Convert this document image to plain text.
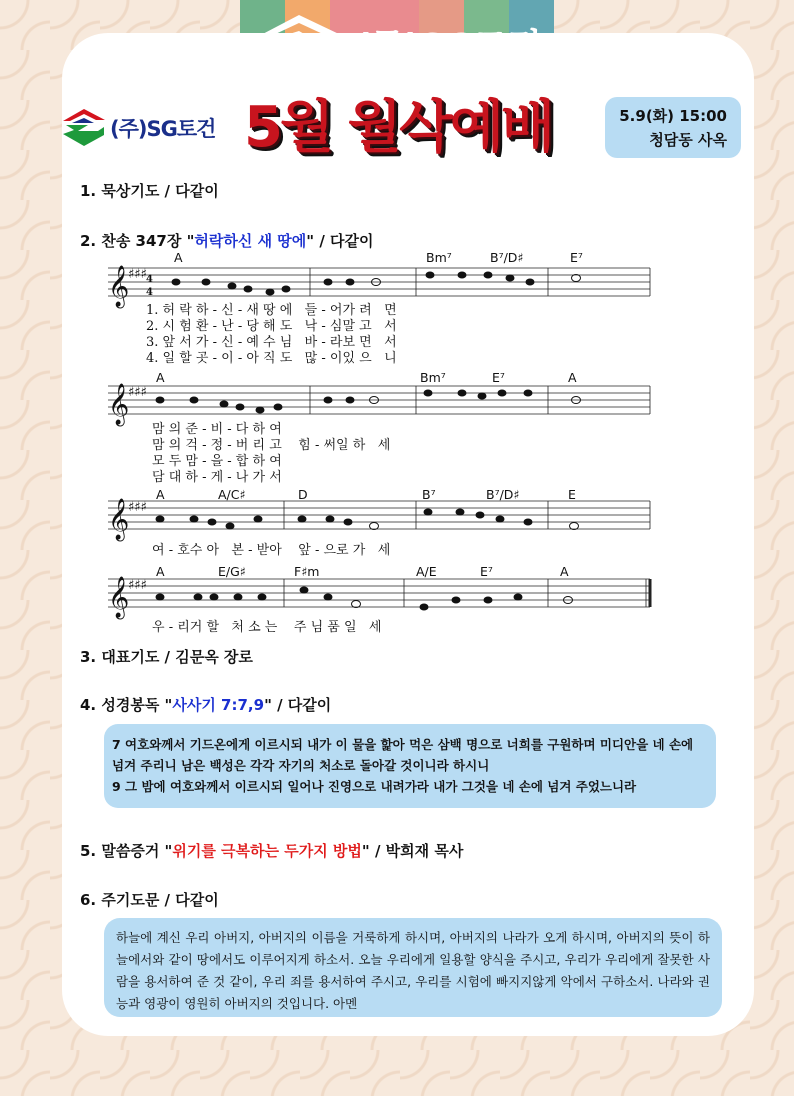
(주)SG토건
(주)SG토건 5월 월삭예배	5.9(화) 15:00
청담동 사옥
1. 묵상기도 / 다같이
2. 찬송 347장 "허락하신 새 땅에" / 다같이
𝄞
𝄞
𝄞
𝄞
♯♯♯
♯♯♯
♯♯♯
♯♯♯
4
4
A	Bm⁷	B⁷/D♯	E⁷
A	Bm⁷	E⁷	A
A	A/C♯	D	B⁷	B⁷/D♯	E
A	E/G♯	F♯m	A/E	E⁷	A
1. 허 락 하 - 신 - 새 땅 에   들 - 어가 려   면
2. 시 험 환 - 난 - 당 해 도   낙 - 심말 고   서
3. 앞 서 가 - 신 - 예 수 님   바 - 라보 면   서
4. 일 할 곳 - 이 - 아 직 도   많 - 이있 으   니
맘 의 준 - 비 - 다 하 여
맘 의 걱 - 정 - 버 리 고    힘 - 써일 하   세
모 두 맘 - 을 - 합 하 여
담 대 하 - 게 - 나 가 서
여 - 호수 아   본 - 받아    앞 - 으로 가   세
우 - 리거 할   처 소 는    주 님 품 일   세
3. 대표기도 / 김문옥 장로
4. 성경봉독 "사사기 7:7,9" / 다같이
7 여호와께서 기드온에게 이르시되 내가 이 물을 핥아 먹은 삼백 명으로 너희를 구원하며 미디안을 네 손에 넘겨 주리니 남은 백성은 각각 자기의 처소로 돌아갈 것이니라 하시니
9 그 밤에 여호와께서 이르시되 일어나 진영으로 내려가라 내가 그것을 네 손에 넘겨 주었느니라
5. 말씀증거 "위기를 극복하는 두가지 방법" / 박희재 목사
6. 주기도문 / 다같이
하늘에 계신 우리 아버지, 아버지의 이름을 거룩하게 하시며, 아버지의 나라가 오게 하시며, 아버지의 뜻이 하늘에서와 같이 땅에서도 이루어지게 하소서. 오늘 우리에게 일용할 양식을 주시고, 우리가 우리에게 잘못한 사람을 용서하여 준 것 같이, 우리 죄를 용서하여 주시고, 우리를 시험에 빠지지않게 악에서 구하소서. 나라와 권능과 영광이 영원히 아버지의 것입니다. 아멘
